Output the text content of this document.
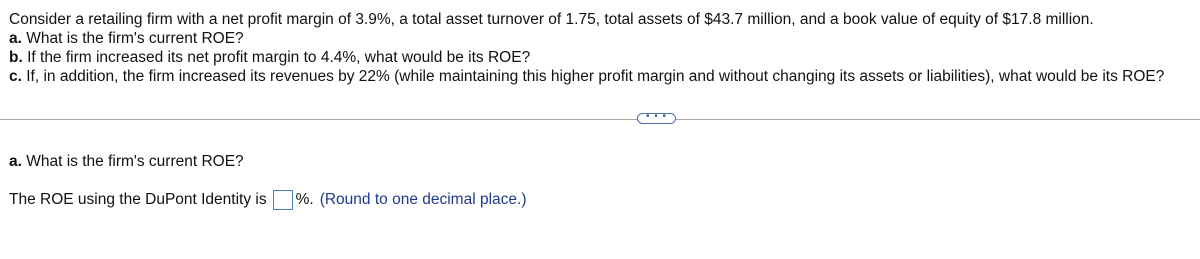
Consider a retailing firm with a net profit margin of 3.9%, a total asset turnover of 1.75, total assets of $43.7 million, and a book value of equity of $17.8 million.
a. What is the firm's current ROE?
b. If the firm increased its net profit margin to 4.4%, what would be its ROE?
c. If, in addition, the firm increased its revenues by 22% (while maintaining this higher profit margin and without changing its assets or liabilities), what would be its ROE?
• • •
a. What is the firm's current ROE?
The ROE using the DuPont Identity is %. (Round to one decimal place.)
